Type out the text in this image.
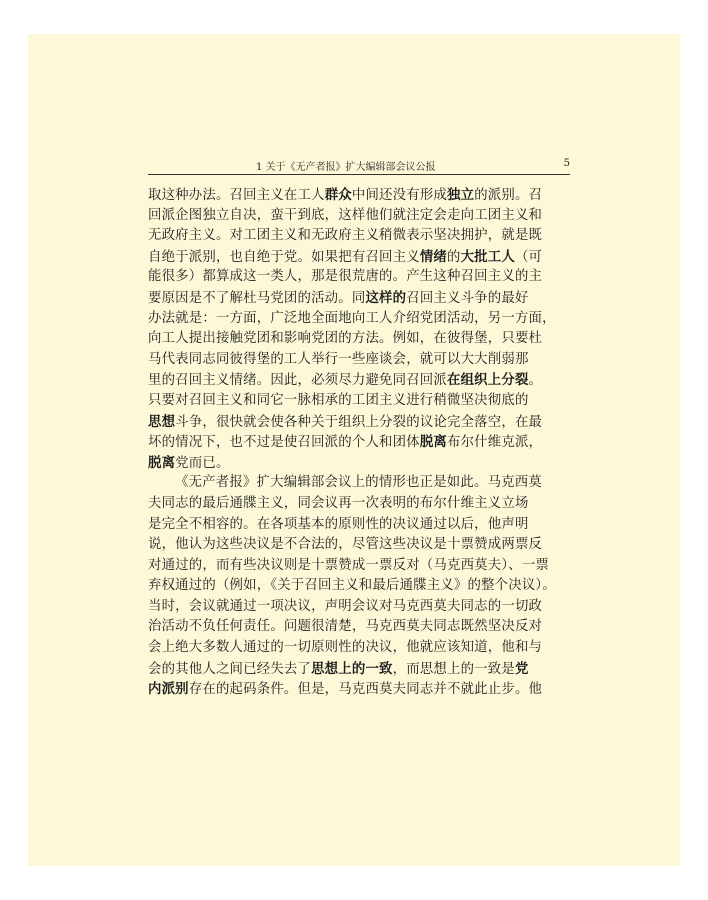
1 关于《无产者报》扩大编辑部会议公报	5
取这种办法。召回主义在工人群众中间还没有形成独立的派别。召
回派企图独立自决，蛮干到底，这样他们就注定会走向工团主义和
无政府主义。对工团主义和无政府主义稍微表示坚决拥护，就是既
自绝于派别，也自绝于党。如果把有召回主义情绪的大批工人（可
能很多）都算成这一类人，那是很荒唐的。产生这种召回主义的主
要原因是不了解杜马党团的活动。同这样的召回主义斗争的最好
办法就是：一方面，广泛地全面地向工人介绍党团活动，另一方面，
向工人提出接触党团和影响党团的方法。例如，在彼得堡，只要杜
马代表同志同彼得堡的工人举行一些座谈会，就可以大大削弱那
里的召回主义情绪。因此，必须尽力避免同召回派在组织上分裂。
只要对召回主义和同它一脉相承的工团主义进行稍微坚决彻底的
思想斗争，很快就会使各种关于组织上分裂的议论完全落空，在最
坏的情况下，也不过是使召回派的个人和团体脱离布尔什维克派，
脱离党而已。
《无产者报》扩大编辑部会议上的情形也正是如此。马克西莫
夫同志的最后通牒主义，同会议再一次表明的布尔什维主义立场
是完全不相容的。在各项基本的原则性的决议通过以后，他声明
说，他认为这些决议是不合法的，尽管这些决议是十票赞成两票反
对通过的，而有些决议则是十票赞成一票反对（马克西莫夫）、一票
弃权通过的（例如，《关于召回主义和最后通牒主义》的整个决议）。
当时，会议就通过一项决议，声明会议对马克西莫夫同志的一切政
治活动不负任何责任。问题很清楚，马克西莫夫同志既然坚决反对
会上绝大多数人通过的一切原则性的决议，他就应该知道，他和与
会的其他人之间已经失去了思想上的一致，而思想上的一致是党
内派别存在的起码条件。但是，马克西莫夫同志并不就此止步。他
